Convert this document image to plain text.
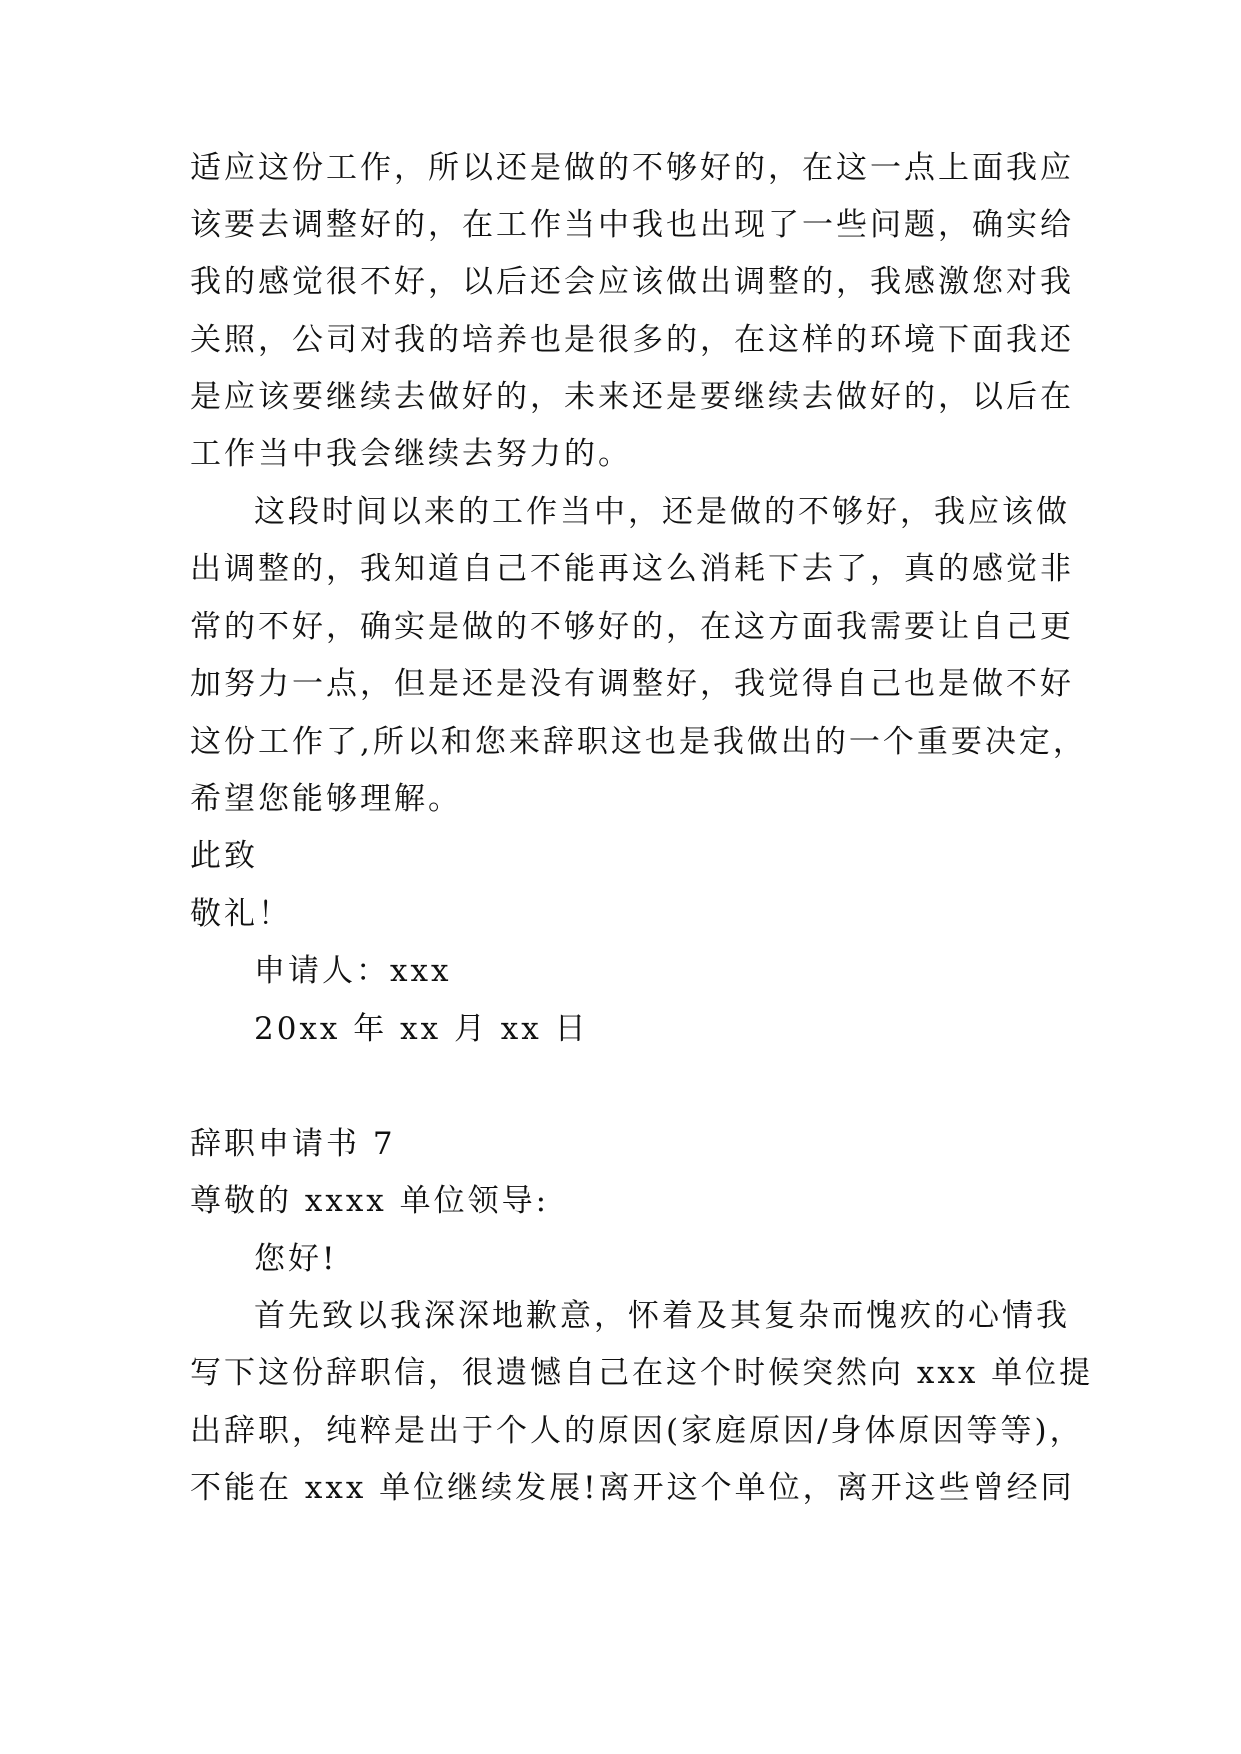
适应这份工作，所以还是做的不够好的，在这一点上面我应
该要去调整好的，在工作当中我也出现了一些问题，确实给
我的感觉很不好，以后还会应该做出调整的，我感激您对我
关照，公司对我的培养也是很多的，在这样的环境下面我还
是应该要继续去做好的，未来还是要继续去做好的，以后在
工作当中我会继续去努力的。
这段时间以来的工作当中，还是做的不够好，我应该做
出调整的，我知道自己不能再这么消耗下去了，真的感觉非
常的不好，确实是做的不够好的，在这方面我需要让自己更
加努力一点，但是还是没有调整好，我觉得自己也是做不好
这份工作了,所以和您来辞职这也是我做出的一个重要决定，
希望您能够理解。
此致
敬礼！
申请人：xxx
20xx 年 xx 月 xx 日
辞职申请书 7
尊敬的 xxxx 单位领导:
您好!
首先致以我深深地歉意，怀着及其复杂而愧疚的心情我
写下这份辞职信，很遗憾自己在这个时候突然向 xxx 单位提
出辞职，纯粹是出于个人的原因(家庭原因/身体原因等等)，
不能在 xxx 单位继续发展!离开这个单位，离开这些曾经同
